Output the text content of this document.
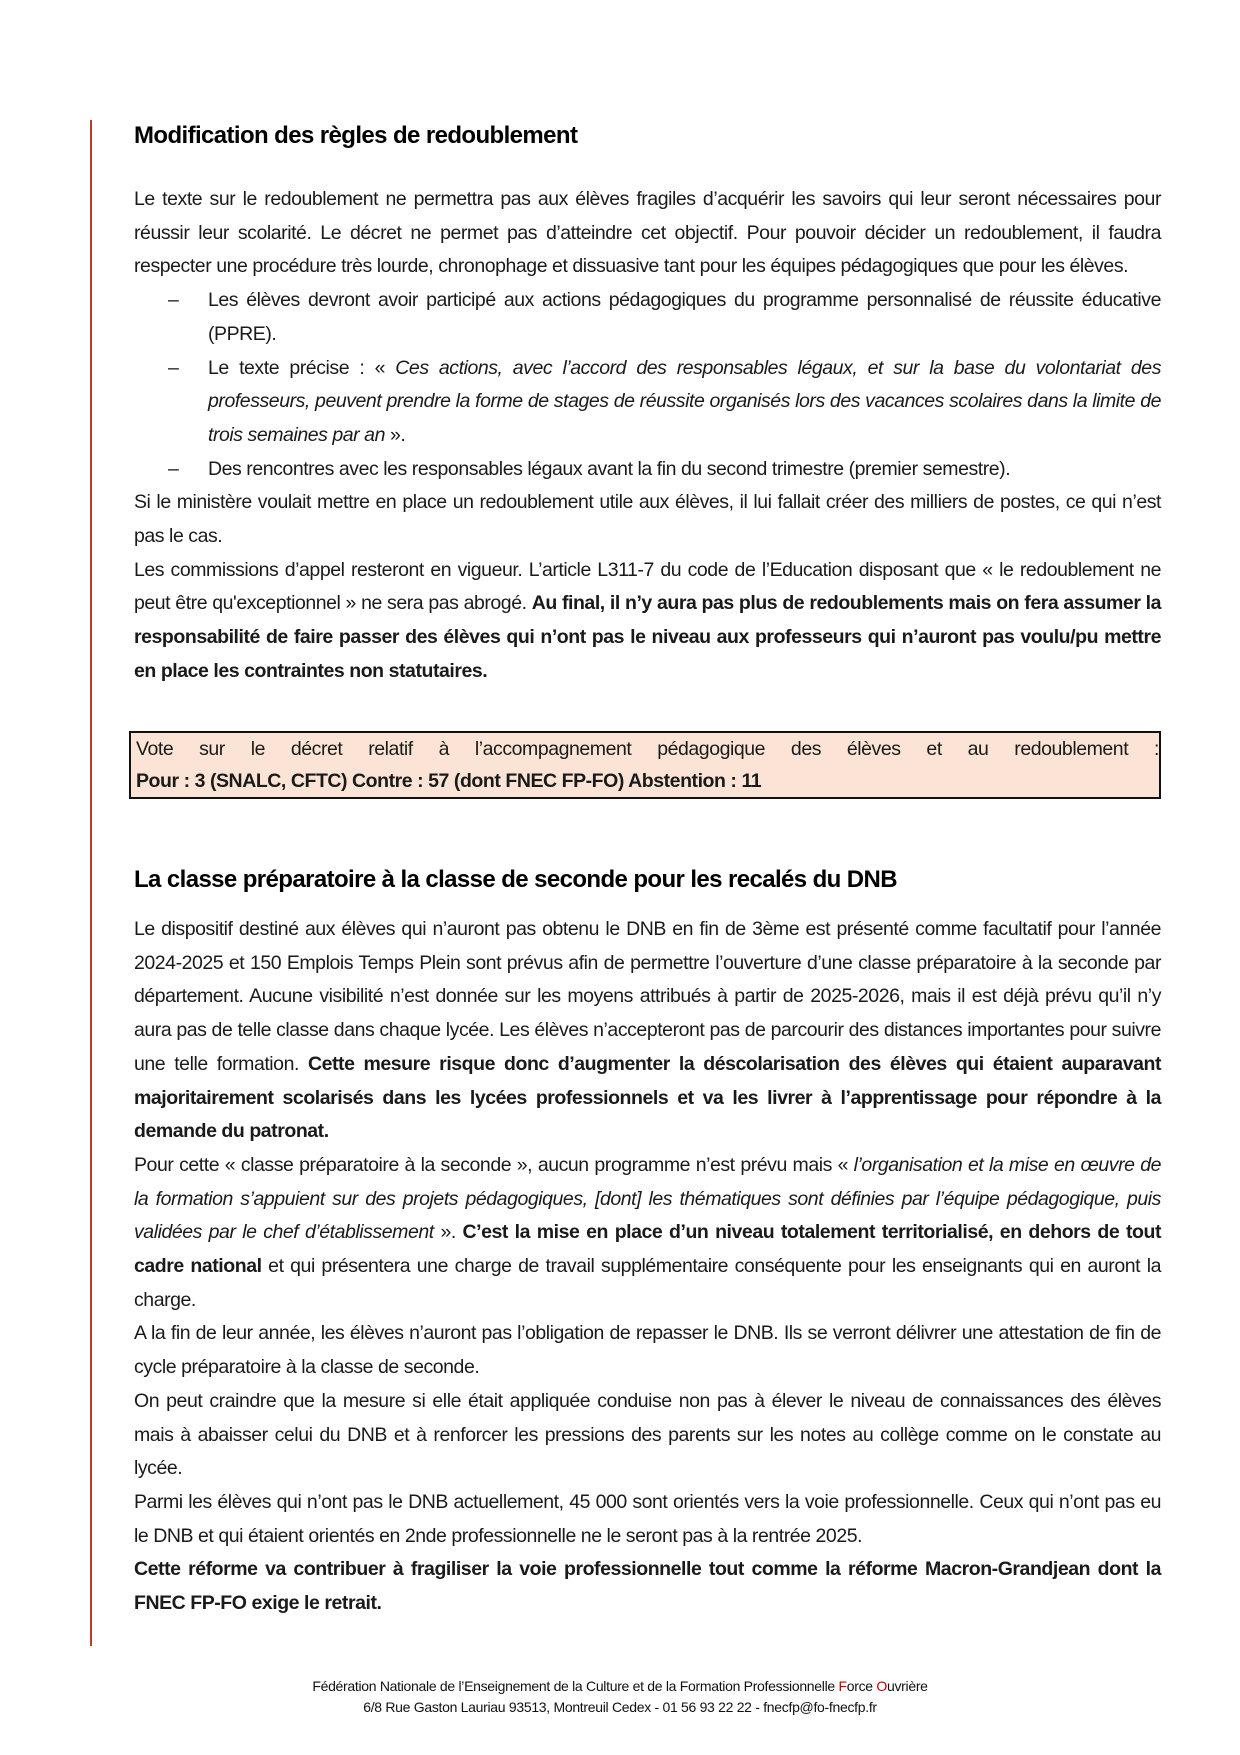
Modification des règles de redoublement

Le texte sur le redoublement ne permettra pas aux élèves fragiles d’acquérir les savoirs qui leur seront nécessaires pour réussir leur scolarité. Le décret ne permet pas d’atteindre cet objectif. Pour pouvoir décider un redoublement, il faudra respecter une procédure très lourde, chronophage et dissuasive tant pour les équipes pédagogiques que pour les élèves.

– Les élèves devront avoir participé aux actions pédagogiques du programme personnalisé de réussite éducative (PPRE).
– Le texte précise : « Ces actions, avec l’accord des responsables légaux, et sur la base du volontariat des professeurs, peuvent prendre la forme de stages de réussite organisés lors des vacances scolaires dans la limite de trois semaines par an ».
– Des rencontres avec les responsables légaux avant la fin du second trimestre (premier semestre).

Si le ministère voulait mettre en place un redoublement utile aux élèves, il lui fallait créer des milliers de postes, ce qui n’est pas le cas.

Les commissions d’appel resteront en vigueur. L’article L311-7 du code de l’Education disposant que « le redoublement ne peut être qu'exceptionnel » ne sera pas abrogé. Au final, il n’y aura pas plus de redoublements mais on fera assumer la responsabilité de faire passer des élèves qui n’ont pas le niveau aux professeurs qui n’auront pas voulu/pu mettre en place les contraintes non statutaires.

Vote sur le décret relatif à l’accompagnement pédagogique des élèves et au redoublement :

Pour : 3 (SNALC, CFTC) Contre : 57 (dont FNEC FP-FO) Abstention : 11

La classe préparatoire à la classe de seconde pour les recalés du DNB

Le dispositif destiné aux élèves qui n’auront pas obtenu le DNB en fin de 3ème est présenté comme facultatif pour l’année 2024-2025 et 150 Emplois Temps Plein sont prévus afin de permettre l’ouverture d’une classe préparatoire à la seconde par département. Aucune visibilité n’est donnée sur les moyens attribués à partir de 2025-2026, mais il est déjà prévu qu’il n’y aura pas de telle classe dans chaque lycée. Les élèves n’accepteront pas de parcourir des distances importantes pour suivre une telle formation. Cette mesure risque donc d’augmenter la déscolarisation des élèves qui étaient auparavant majoritairement scolarisés dans les lycées professionnels et va les livrer à l’apprentissage pour répondre à la demande du patronat.

Pour cette « classe préparatoire à la seconde », aucun programme n’est prévu mais « l’organisation et la mise en œuvre de la formation s’appuient sur des projets pédagogiques, [dont] les thématiques sont définies par l’équipe pédagogique, puis validées par le chef d’établissement ». C’est la mise en place d’un niveau totalement territorialisé, en dehors de tout cadre national et qui présentera une charge de travail supplémentaire conséquente pour les enseignants qui en auront la charge.

A la fin de leur année, les élèves n’auront pas l’obligation de repasser le DNB. Ils se verront délivrer une attestation de fin de cycle préparatoire à la classe de seconde.

On peut craindre que la mesure si elle était appliquée conduise non pas à élever le niveau de connaissances des élèves mais à abaisser celui du DNB et à renforcer les pressions des parents sur les notes au collège comme on le constate au lycée.

Parmi les élèves qui n’ont pas le DNB actuellement, 45 000 sont orientés vers la voie professionnelle. Ceux qui n’ont pas eu le DNB et qui étaient orientés en 2nde professionnelle ne le seront pas à la rentrée 2025.

Cette réforme va contribuer à fragiliser la voie professionnelle tout comme la réforme Macron-Grandjean dont la FNEC FP-FO exige le retrait.

Fédération Nationale de l’Enseignement de la Culture et de la Formation Professionnelle Force Ouvrière
6/8 Rue Gaston Lauriau 93513, Montreuil Cedex - 01 56 93 22 22 - fnecfp@fo-fnecfp.fr
